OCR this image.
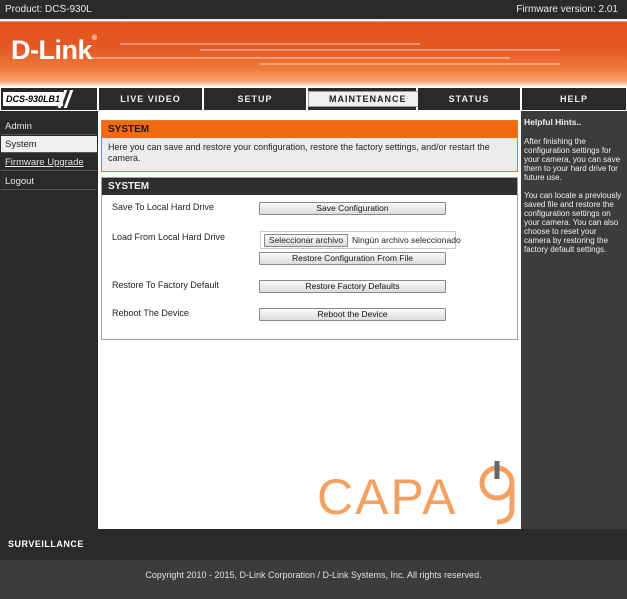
Product: DCS-930L	Firmware version: 2.01
D-Link®
DCS-930LB1	LIVE VIDEO	SETUP	MAINTENANCE	STATUS	HELP
Admin
System
Firmware Upgrade
Logout
SYSTEM
Here you can save and restore your configuration, restore the factory settings, and/or restart the camera.
SYSTEM
Save To Local Hard Drive	Save Configuration
Load From Local Hard Drive	Seleccionar archivo	Ningún archivo seleccionado
Restore Configuration From File
Restore To Factory Default	Restore Factory Defaults
Reboot The Device	Reboot the Device
CAPA
9
Helpful Hints..
After finishing the configuration settings for your camera, you can save them to your hard drive for future use.
You can locate a previously saved file and restore the configuration settings on your camera. You can also choose to reset your camera by restoring the factory default settings.
SURVEILLANCE
Copyright 2010 - 2015, D-Link Corporation / D-Link Systems, Inc. All rights reserved.
